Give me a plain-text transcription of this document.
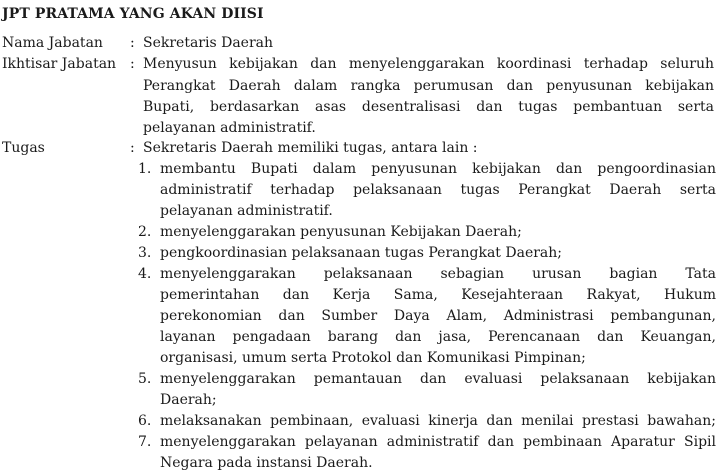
JPT PRATAMA YANG AKAN DIISI
Nama Jabatan : Sekretaris Daerah
Ikhtisar Jabatan : Menyusun kebijakan dan menyelenggarakan koordinasi terhadap seluruh
Perangkat Daerah dalam rangka perumusan dan penyusunan kebijakan
Bupati, berdasarkan asas desentralisasi dan tugas pembantuan serta
pelayanan administratif.
Tugas	: Sekretaris Daerah memiliki tugas, antara lain :
1. membantu Bupati dalam penyusunan kebijakan dan pengoordinasian
administratif terhadap pelaksanaan tugas Perangkat Daerah serta
pelayanan administratif.
2. menyelenggarakan penyusunan Kebijakan Daerah;
3. pengkoordinasian pelaksanaan tugas Perangkat Daerah;
4. menyelenggarakan pelaksanaan sebagian urusan bagian Tata
pemerintahan dan Kerja Sama, Kesejahteraan Rakyat, Hukum
perekonomian dan Sumber Daya Alam, Administrasi pembangunan,
layanan pengadaan barang dan jasa, Perencanaan dan Keuangan,
organisasi, umum serta Protokol dan Komunikasi Pimpinan;
5. menyelenggarakan pemantauan dan evaluasi pelaksanaan kebijakan
Daerah;
6. melaksanakan pembinaan, evaluasi kinerja dan menilai prestasi bawahan;
7. menyelenggarakan pelayanan administratif dan pembinaan Aparatur Sipil
Negara pada instansi Daerah.
